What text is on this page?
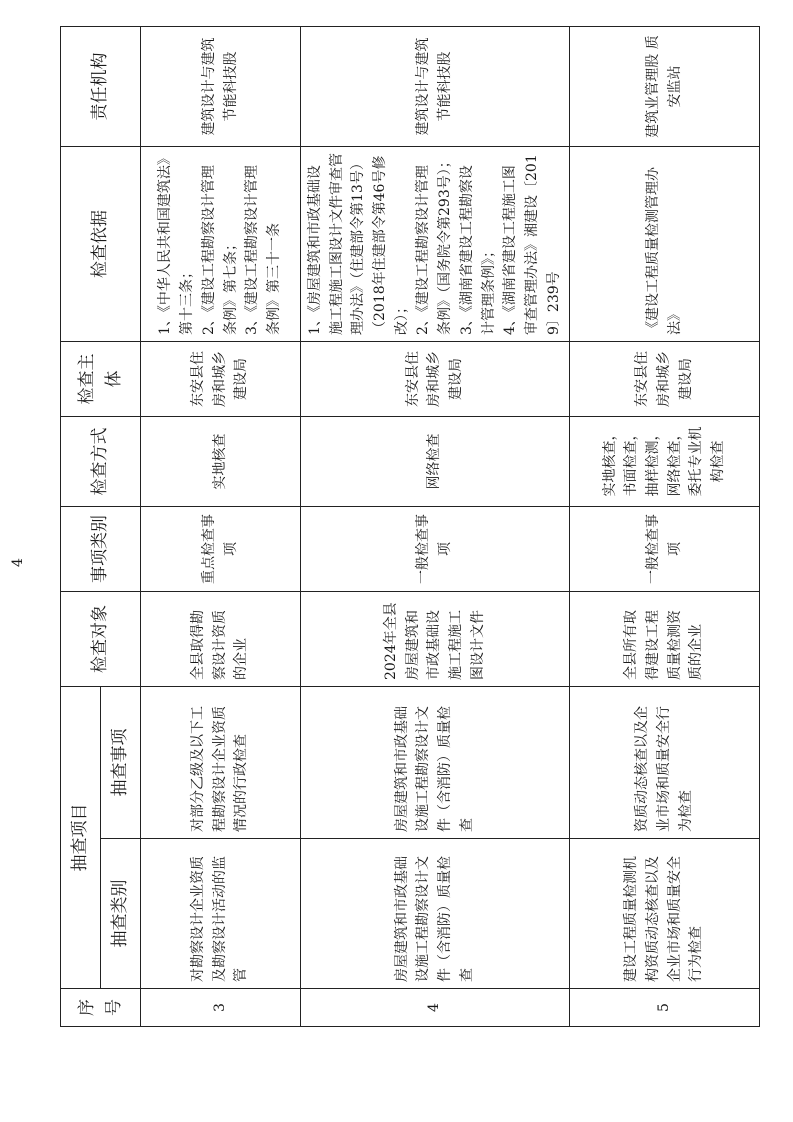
4
序号	抽查项目		检查对象	事项类别	检查方式	检查主体	检查依据	责任机构
	抽查类别	抽查事项						
3	对勘察设计企业资质及勘察设计活动的监管	对部分乙级及以下工程勘察设计企业资质情况的行政检查	全县取得勘察设计资质的企业	重点检查事项	实地核查	东安县住房和城乡建设局	1、《中华人民共和国建筑法》第十三条； 2、《建设工程勘察设计管理条例》第七条； 3、《建设工程勘察设计管理条例》第三十一条	建筑设计与建筑节能科技股
4	房屋建筑和市政基础设施工程勘察设计文件（含消防）质量检查	房屋建筑和市政基础设施工程勘察设计文件（含消防）质量检查	2024年全县房屋建筑和市政基础设施工程施工图设计文件	一般检查事项	网络检查	东安县住房和城乡建设局	1、《房屋建筑和市政基础设施工程施工图设计文件审查管理办法》（住建部令第13号）（2018年住建部令第46号修改）； 2、《建设工程勘察设计管理条例》（国务院令第293号）； 3、《湖南省建设工程勘察设计管理条例》； 4、《湖南省建设工程施工图审查管理办法》湘建设〔2019〕239号	建筑设计与建筑节能科技股
5	建设工程质量检测机构资质动态核查以及企业市场和质量安全行为检查	资质动态核查以及企业市场和质量安全行为检查	全县所有取得建设工程质量检测资质的企业	一般检查事项	实地核查，书面检查，抽样检测，网络检查，委托专业机构检查	东安县住房和城乡建设局	《建设工程质量检测管理办法》	建筑业管理股 质安监站
